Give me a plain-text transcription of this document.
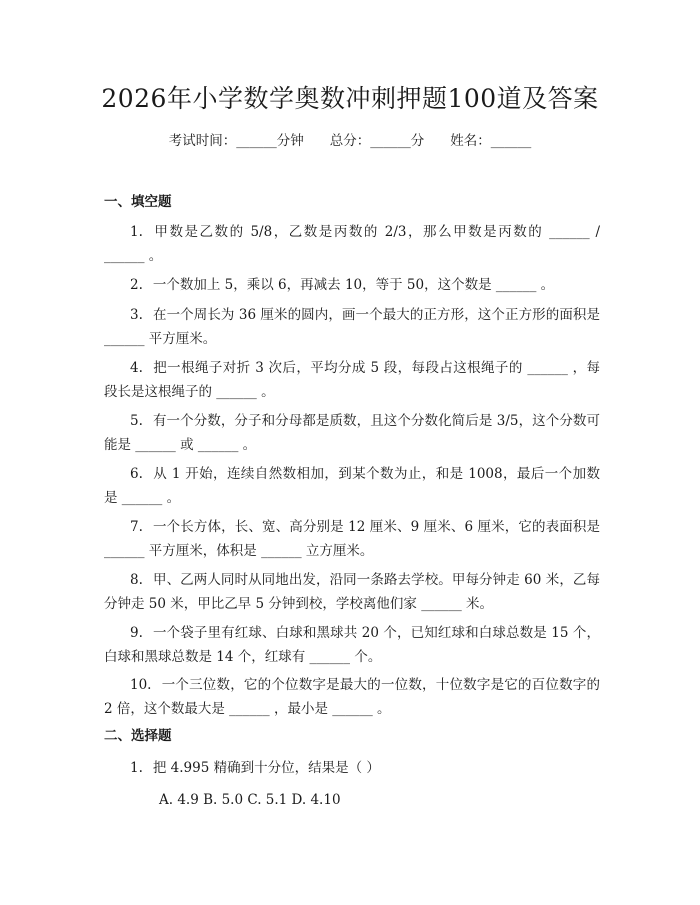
2026年小学数学奥数冲刺押题100道及答案
考试时间：______分钟 总分：______分 姓名：______
一、填空题
1. 甲数是乙数的 5/8，乙数是丙数的 2/3，那么甲数是丙数的 ______ / ______ 。
2. 一个数加上 5，乘以 6，再减去 10，等于 50，这个数是 ______ 。
3. 在一个周长为 36 厘米的圆内，画一个最大的正方形，这个正方形的面积是 ______ 平方厘米。
4. 把一根绳子对折 3 次后，平均分成 5 段，每段占这根绳子的 ______ ，每段长是这根绳子的 ______ 。
5. 有一个分数，分子和分母都是质数，且这个分数化简后是 3/5，这个分数可能是 ______ 或 ______ 。
6. 从 1 开始，连续自然数相加，到某个数为止，和是 1008，最后一个加数是 ______ 。
7. 一个长方体，长、宽、高分别是 12 厘米、9 厘米、6 厘米，它的表面积是 ______ 平方厘米，体积是 ______ 立方厘米。
8. 甲、乙两人同时从同地出发，沿同一条路去学校。甲每分钟走 60 米，乙每分钟走 50 米，甲比乙早 5 分钟到校，学校离他们家 ______ 米。
9. 一个袋子里有红球、白球和黑球共 20 个，已知红球和白球总数是 15 个，白球和黑球总数是 14 个，红球有 ______ 个。
10. 一个三位数，它的个位数字是最大的一位数，十位数字是它的百位数字的 2 倍，这个数最大是 ______ ，最小是 ______ 。
二、选择题
1. 把 4.995 精确到十分位，结果是（ ）
A. 4.9 B. 5.0 C. 5.1 D. 4.10
